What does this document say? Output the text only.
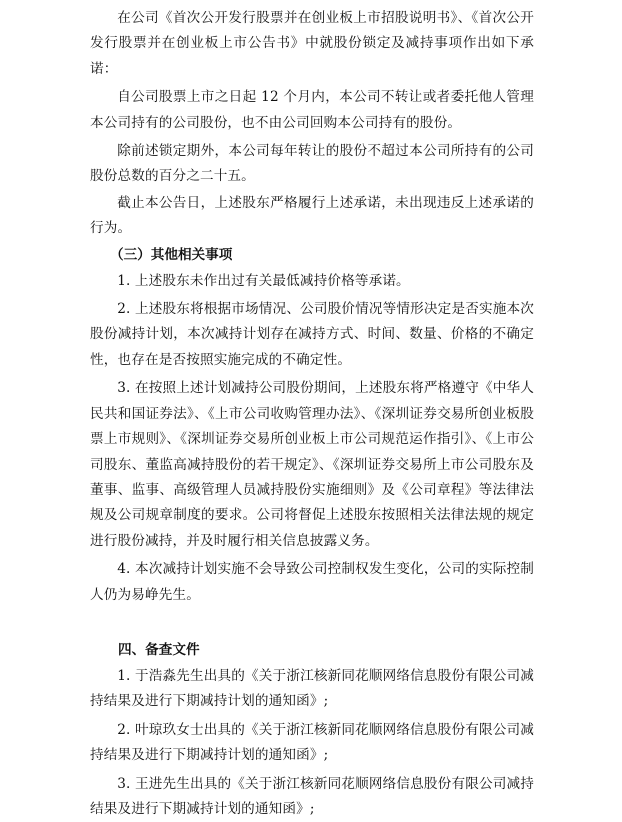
在公司《首次公开发行股票并在创业板上市招股说明书》、《首次公开发行股票并在创业板上市公告书》中就股份锁定及减持事项作出如下承诺：

自公司股票上市之日起 12 个月内，本公司不转让或者委托他人管理本公司持有的公司股份，也不由公司回购本公司持有的股份。

除前述锁定期外，本公司每年转让的股份不超过本公司所持有的公司股份总数的百分之二十五。

截止本公告日，上述股东严格履行上述承诺，未出现违反上述承诺的行为。

（三）其他相关事项

1. 上述股东未作出过有关最低减持价格等承诺。

2. 上述股东将根据市场情况、公司股价情况等情形决定是否实施本次股份减持计划，本次减持计划存在减持方式、时间、数量、价格的不确定性，也存在是否按照实施完成的不确定性。

3. 在按照上述计划减持公司股份期间，上述股东将严格遵守《中华人民共和国证券法》、《上市公司收购管理办法》、《深圳证券交易所创业板股票上市规则》、《深圳证券交易所创业板上市公司规范运作指引》、《上市公司股东、董监高减持股份的若干规定》、《深圳证券交易所上市公司股东及董事、监事、高级管理人员减持股份实施细则》及《公司章程》等法律法规及公司规章制度的要求。公司将督促上述股东按照相关法律法规的规定进行股份减持，并及时履行相关信息披露义务。

4. 本次减持计划实施不会导致公司控制权发生变化，公司的实际控制人仍为易峥先生。

四、备查文件

1. 于浩淼先生出具的《关于浙江核新同花顺网络信息股份有限公司减持结果及进行下期减持计划的通知函》;

2. 叶琼玖女士出具的《关于浙江核新同花顺网络信息股份有限公司减持结果及进行下期减持计划的通知函》;

3. 王进先生出具的《关于浙江核新同花顺网络信息股份有限公司减持结果及进行下期减持计划的通知函》;
